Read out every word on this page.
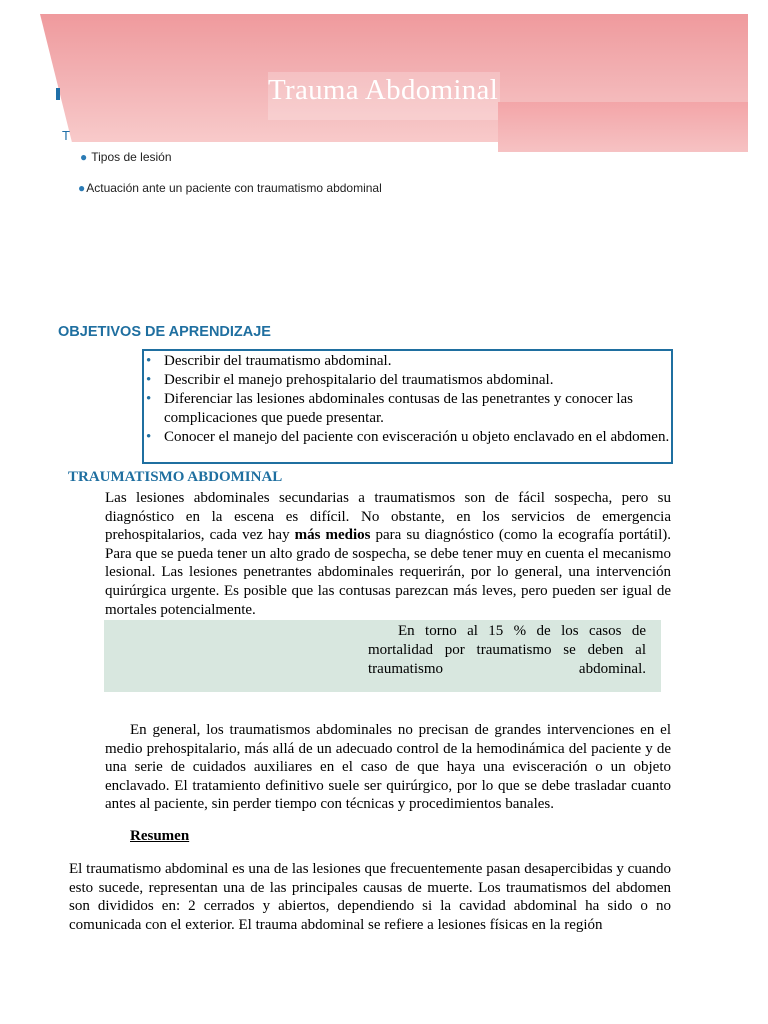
Trauma Abdominal
T
● Tipos de lesión
●Actuación ante un paciente con traumatismo abdominal
OBJETIVOS DE APRENDIZAJE
• Describir del traumatismo abdominal.
• Describir el manejo prehospitalario del traumatismos abdominal.
• Diferenciar las lesiones abdominales contusas de las penetrantes y conocer las complicaciones que puede presentar.
• Conocer el manejo del paciente con evisceración u objeto enclavado en el abdomen.
TRAUMATISMO ABDOMINAL
Las lesiones abdominales secundarias a traumatismos son de fácil sospecha, pero su diagnóstico en la escena es difícil. No obstante, en los servicios de emergencia prehospitalarios, cada vez hay más medios para su diagnóstico (como la ecografía portátil). Para que se pueda tener un alto grado de sospecha, se debe tener muy en cuenta el mecanismo lesional. Las lesiones penetrantes abdominales requerirán, por lo general, una intervención quirúrgica urgente. Es posible que las contusas parezcan más leves, pero pueden ser igual de mortales potencialmente.
En torno al 15 % de los casos de mortalidad por traumatismo se deben al traumatismo abdominal.
En general, los traumatismos abdominales no precisan de grandes intervenciones en el medio prehospitalario, más allá de un adecuado control de la hemodinámica del paciente y de una serie de cuidados auxiliares en el caso de que haya una evisceración o un objeto enclavado. El tratamiento definitivo suele ser quirúrgico, por lo que se debe trasladar cuanto antes al paciente, sin perder tiempo con técnicas y procedimientos banales.
Resumen
El traumatismo abdominal es una de las lesiones que frecuentemente pasan desapercibidas y cuando esto sucede, representan una de las principales causas de muerte. Los traumatismos del abdomen son divididos en: 2 cerrados y abiertos, dependiendo si la cavidad abdominal ha sido o no comunicada con el exterior. El trauma abdominal se refiere a lesiones físicas en la región
